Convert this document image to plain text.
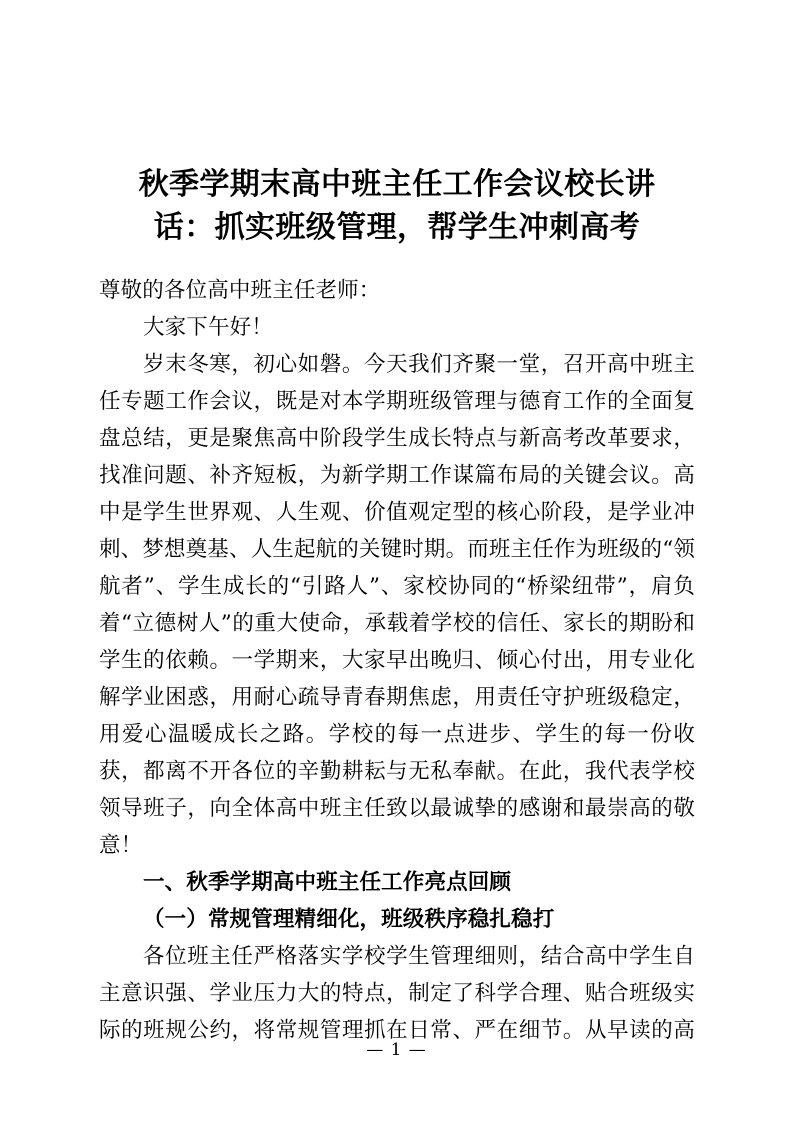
秋季学期末高中班主任工作会议校长讲话：抓实班级管理，帮学生冲刺高考

尊敬的各位高中班主任老师：

大家下午好！

岁末冬寒，初心如磐。今天我们齐聚一堂，召开高中班主任专题工作会议，既是对本学期班级管理与德育工作的全面复盘总结，更是聚焦高中阶段学生成长特点与新高考改革要求，找准问题、补齐短板，为新学期工作谋篇布局的关键会议。高中是学生世界观、人生观、价值观定型的核心阶段，是学业冲刺、梦想奠基、人生起航的关键时期。而班主任作为班级的“领航者”、学生成长的“引路人”、家校协同的“桥梁纽带”，肩负着“立德树人”的重大使命，承载着学校的信任、家长的期盼和学生的依赖。一学期来，大家早出晚归、倾心付出，用专业化解学业困惑，用耐心疏导青春期焦虑，用责任守护班级稳定，用爱心温暖成长之路。学校的每一点进步、学生的每一份收获，都离不开各位的辛勤耕耘与无私奉献。在此，我代表学校领导班子，向全体高中班主任致以最诚挚的感谢和最崇高的敬意！

一、秋季学期高中班主任工作亮点回顾

（一）常规管理精细化，班级秩序稳扎稳打

各位班主任严格落实学校学生管理细则，结合高中学生自主意识强、学业压力大的特点，制定了科学合理、贴合班级实际的班规公约，将常规管理抓在日常、严在细节。从早读的高

— 1 —
